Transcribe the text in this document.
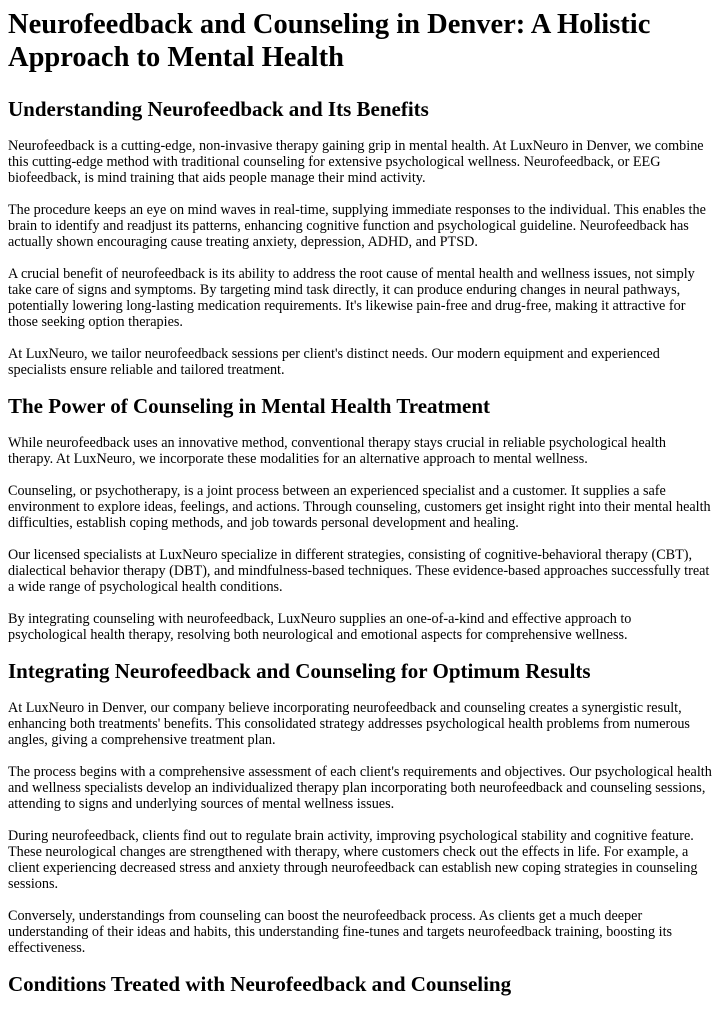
Neurofeedback and Counseling in Denver: A Holistic Approach to Mental Health
Understanding Neurofeedback and Its Benefits

Neurofeedback is a cutting-edge, non-invasive therapy gaining grip in mental health. At LuxNeuro in Denver, we combine this cutting-edge method with traditional counseling for extensive psychological wellness. Neurofeedback, or EEG biofeedback, is mind training that aids people manage their mind activity.

The procedure keeps an eye on mind waves in real-time, supplying immediate responses to the individual. This enables the brain to identify and readjust its patterns, enhancing cognitive function and psychological guideline. Neurofeedback has actually shown encouraging cause treating anxiety, depression, ADHD, and PTSD.

A crucial benefit of neurofeedback is its ability to address the root cause of mental health and wellness issues, not simply take care of signs and symptoms. By targeting mind task directly, it can produce enduring changes in neural pathways, potentially lowering long-lasting medication requirements. It's likewise pain-free and drug-free, making it attractive for those seeking option therapies.

At LuxNeuro, we tailor neurofeedback sessions per client's distinct needs. Our modern equipment and experienced specialists ensure reliable and tailored treatment.

The Power of Counseling in Mental Health Treatment

While neurofeedback uses an innovative method, conventional therapy stays crucial in reliable psychological health therapy. At LuxNeuro, we incorporate these modalities for an alternative approach to mental wellness.

Counseling, or psychotherapy, is a joint process between an experienced specialist and a customer. It supplies a safe environment to explore ideas, feelings, and actions. Through counseling, customers get insight right into their mental health difficulties, establish coping methods, and job towards personal development and healing.

Our licensed specialists at LuxNeuro specialize in different strategies, consisting of cognitive-behavioral therapy (CBT), dialectical behavior therapy (DBT), and mindfulness-based techniques. These evidence-based approaches successfully treat a wide range of psychological health conditions.

By integrating counseling with neurofeedback, LuxNeuro supplies an one-of-a-kind and effective approach to psychological health therapy, resolving both neurological and emotional aspects for comprehensive wellness.

Integrating Neurofeedback and Counseling for Optimum Results

At LuxNeuro in Denver, our company believe incorporating neurofeedback and counseling creates a synergistic result, enhancing both treatments' benefits. This consolidated strategy addresses psychological health problems from numerous angles, giving a comprehensive treatment plan.

The process begins with a comprehensive assessment of each client's requirements and objectives. Our psychological health and wellness specialists develop an individualized therapy plan incorporating both neurofeedback and counseling sessions, attending to signs and underlying sources of mental wellness issues.

During neurofeedback, clients find out to regulate brain activity, improving psychological stability and cognitive feature. These neurological changes are strengthened with therapy, where customers check out the effects in life. For example, a client experiencing decreased stress and anxiety through neurofeedback can establish new coping strategies in counseling sessions.

Conversely, understandings from counseling can boost the neurofeedback process. As clients get a much deeper understanding of their ideas and habits, this understanding fine-tunes and targets neurofeedback training, boosting its effectiveness.

Conditions Treated with Neurofeedback and Counseling
